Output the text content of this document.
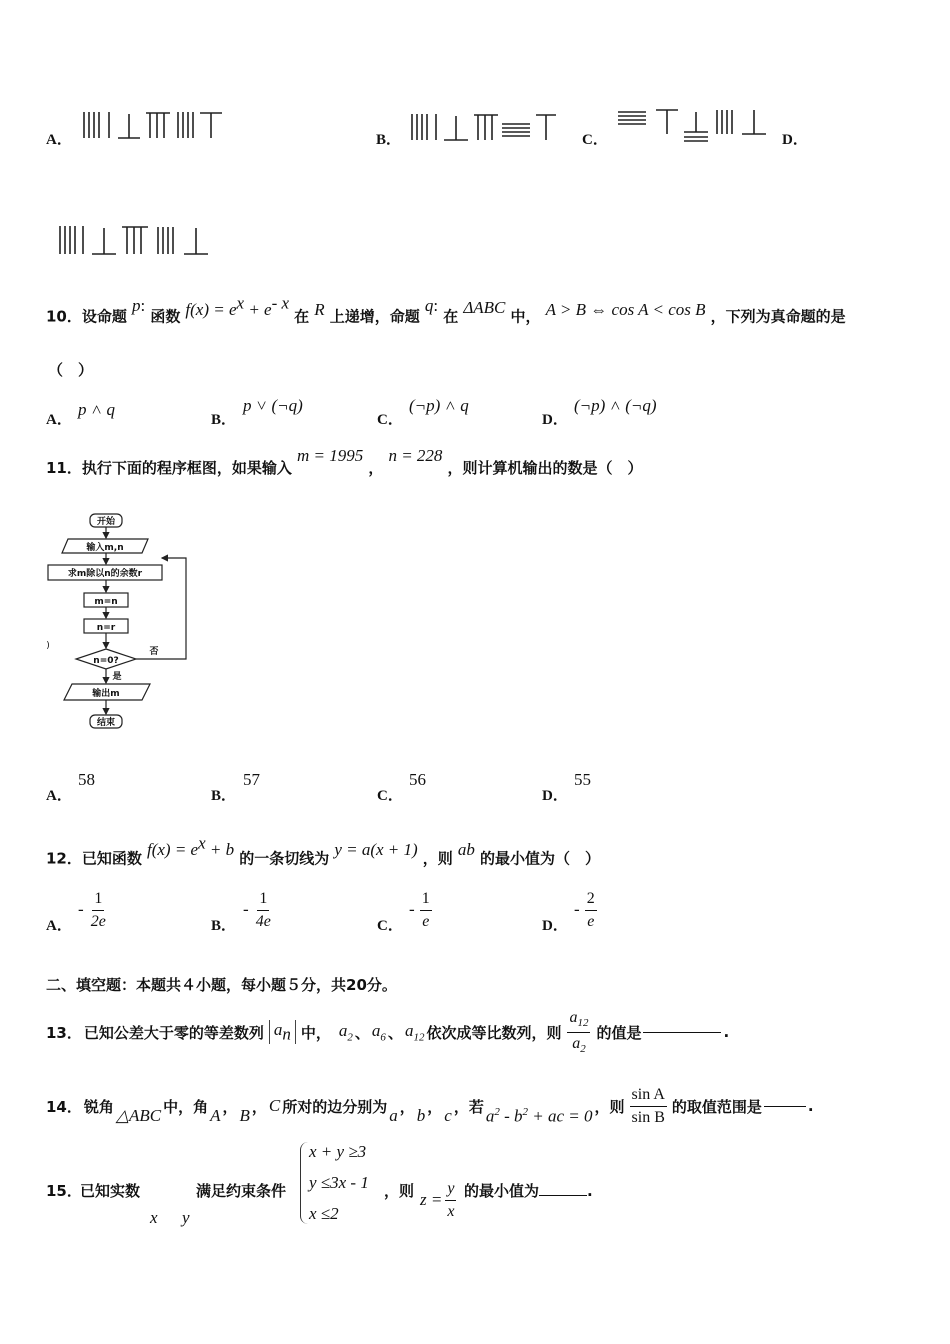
A．	B．	C．	D．
10．设命题 p: 函数 $f(x) = e^x + e^{- x}$ 在 R 上递增，命题 q: 在 ΔABC 中， A > B ⇔ cos A < cos B ，下列为真命题的是
（　）
A．
p ˄ q
B．
p ˅ (¬q)
C．
(¬p) ˄ q
D．
(¬p) ˄ (¬q)
11．执行下面的程序框图，如果输入 m = 1995 ， n = 228 ，则计算机输出的数是（　）
开始
输入m,n
求m除以n的余数r
m=n
n=r
n=0?
否
是
输出m
结束
)
A．
58
B．
57
C．
56
D．
55
12．已知函数 $f(x) = e^x + b$ 的一条切线为 y = a(x + 1) ，则 ab 的最小值为（　）
A．
- $\frac{1}{2e}$	B．
- $\frac{1}{4e}$	C．
- $\frac{1}{e}$	D．
- $\frac{2}{e}$
二、填空题：本题共４小题，每小题５分，共20分。
13． 已知公差大于零的等差数列 $a_n$ 中， $a_2$ 、 $a_6$ 、 $a_{12}$ 依次成等比数列，则 $\frac{a_{12}}{a_2}$ 的值是	.
14． 锐角 △ABC 中，角 A ， B ， C 所对的边分别为 a ， b ， c ，若 $a^2 - b^2$ + ac = 0 ，则 $\frac{\text{sin A}}{\text{sin B}}$ 的取值范围是	.
15．
已知实数
x y
满足约束条件
x + y ≥3
y ≤3x - 1
x ≤2
，则 $z = \frac{y}{x}$ 的最小值为	.
